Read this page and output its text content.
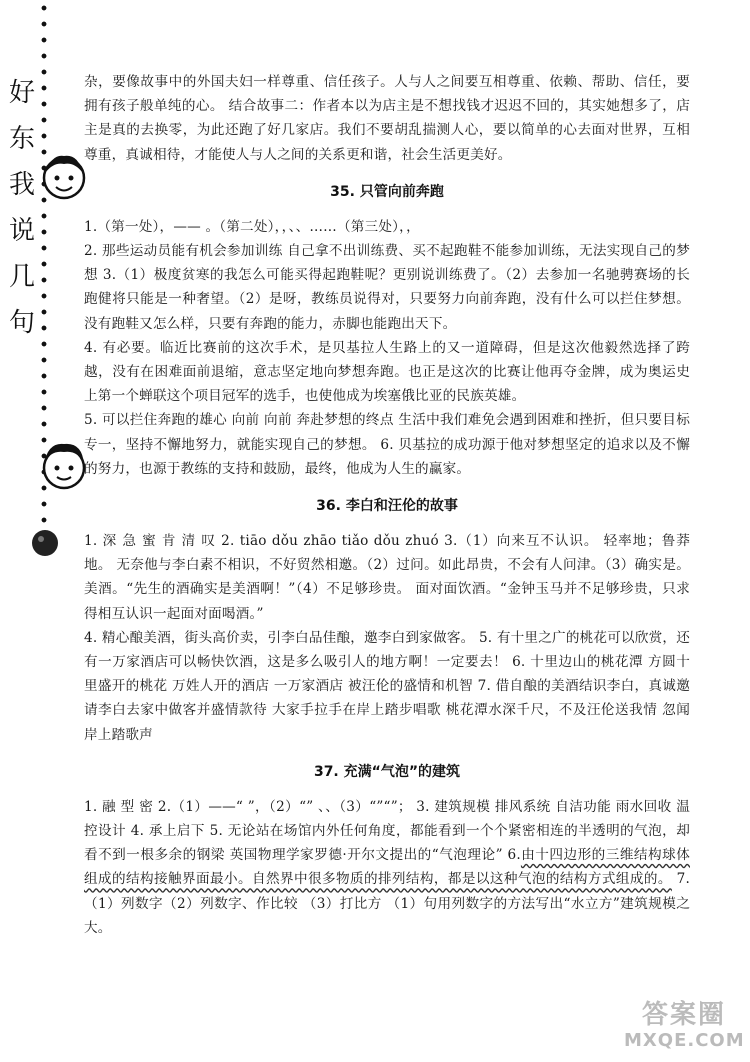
好 东 我 说 几 句

杂，要像故事中的外国夫妇一样尊重、信任孩子。人与人之间要互相尊重、依赖、帮助、信任，要拥有孩子般单纯的心。 结合故事二：作者本以为店主是不想找钱才迟迟不回的，其实她想多了，店主是真的去换零，为此还跑了好几家店。我们不要胡乱揣测人心，要以简单的心去面对世界，互相尊重，真诚相待，才能使人与人之间的关系更和谐，社会生活更美好。

35. 只管向前奔跑

1.（第一处），—— 。（第二处），，、、……（第三处），，

2. 那些运动员能有机会参加训练 自己拿不出训练费、买不起跑鞋不能参加训练，无法实现自己的梦想 3.（1）极度贫寒的我怎么可能买得起跑鞋呢？更别说训练费了。（2）去参加一名驰骋赛场的长跑健将只能是一种奢望。（2）是呀，教练员说得对，只要努力向前奔跑，没有什么可以拦住梦想。没有跑鞋又怎么样，只要有奔跑的能力，赤脚也能跑出天下。

4. 有必要。临近比赛前的这次手术，是贝基拉人生路上的又一道障碍，但是这次他毅然选择了跨越，没有在困难面前退缩，意志坚定地向梦想奔跑。也正是这次的比赛让他再夺金牌，成为奥运史上第一个蝉联这个项目冠军的选手，也使他成为埃塞俄比亚的民族英雄。

5. 可以拦住奔跑的雄心 向前 向前 奔赴梦想的终点 生活中我们难免会遇到困难和挫折，但只要目标专一，坚持不懈地努力，就能实现自己的梦想。 6. 贝基拉的成功源于他对梦想坚定的追求以及不懈的努力，也源于教练的支持和鼓励，最终，他成为人生的赢家。

36. 李白和汪伦的故事

1. 深 急 蜜 肯 清 叹 2. tiāo dǒu zhāo tiǎo dǒu zhuó 3.（1）向来互不认识。 轻率地；鲁莽地。 无奈他与李白素不相识，不好贸然相邀。（2）过问。如此昂贵，不会有人问津。（3）确实是。 美酒。“先生的酒确实是美酒啊！”（4）不足够珍贵。 面对面饮酒。“金钟玉马并不足够珍贵，只求得相互认识一起面对面喝酒。”

4. 精心酿美酒，街头高价卖，引李白品佳酿，邀李白到家做客。 5. 有十里之广的桃花可以欣赏，还有一万家酒店可以畅快饮酒，这是多么吸引人的地方啊！一定要去！ 6. 十里边山的桃花潭 方圆十里盛开的桃花 万姓人开的酒店 一万家酒店 被汪伦的盛情和机智 7. 借自酿的美酒结识李白，真诚邀请李白去家中做客并盛情款待 大家手拉手在岸上踏步唱歌 桃花潭水深千尺，不及汪伦送我情 忽闻岸上踏歌声

37. 充满“气泡”的建筑

1. 融 型 密 2.（1）——“ ”，（2）“” 、、（3）“”“”； 3. 建筑规模 排风系统 自洁功能 雨水回收 温控设计 4. 承上启下 5. 无论站在场馆内外任何角度，都能看到一个个紧密相连的半透明的气泡，却看不到一根多余的钢梁 英国物理学家罗德·开尔文提出的“气泡理论” 6.由十四边形的三维结构球体组成的结构接触界面最小。自然界中很多物质的排列结构，都是以这种气泡的结构方式组成的。 7.（1）列数字（2）列数字、作比较 （3）打比方 （1）句用列数字的方法写出“水立方”建筑规模之大。

答案圈
MXQE.COM
